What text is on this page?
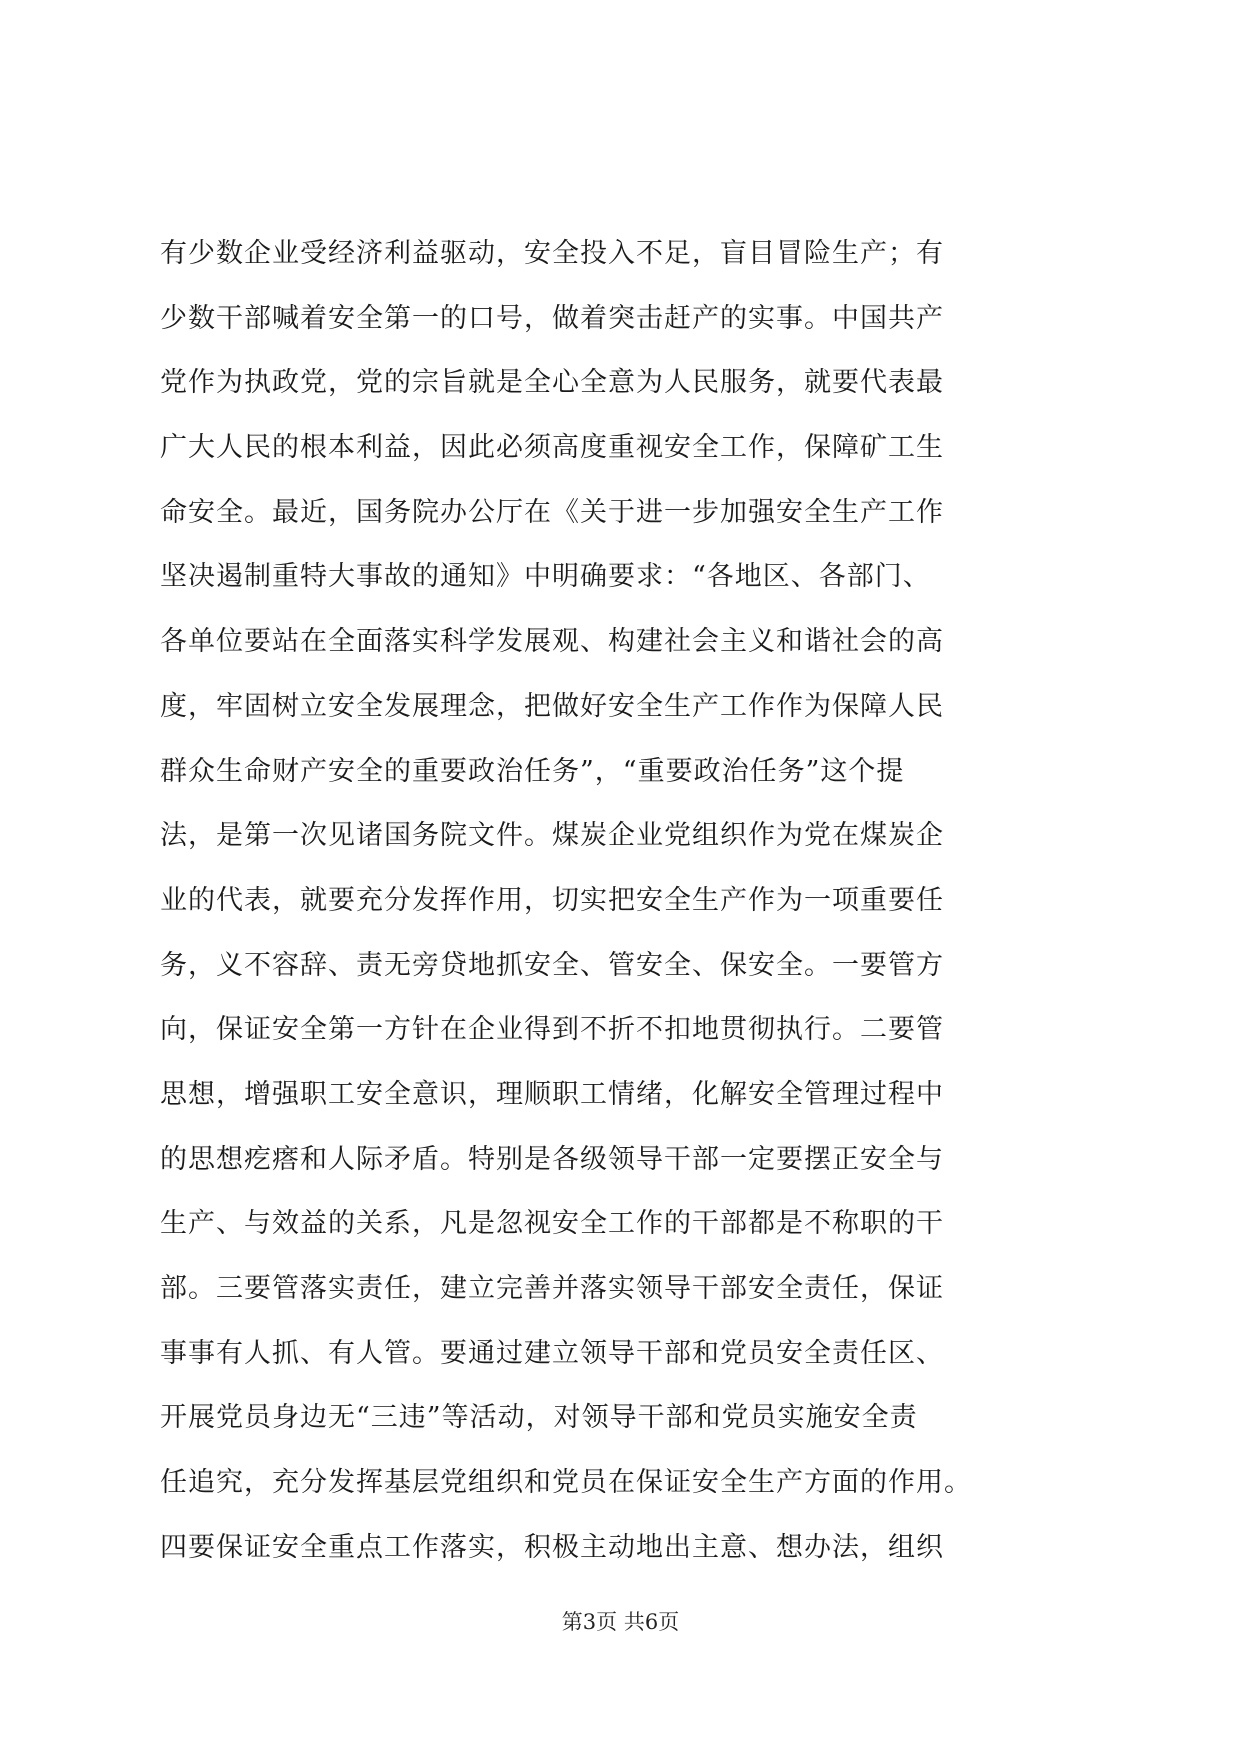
有少数企业受经济利益驱动，安全投入不足，盲目冒险生产；有
少数干部喊着安全第一的口号，做着突击赶产的实事。中国共产
党作为执政党，党的宗旨就是全心全意为人民服务，就要代表最
广大人民的根本利益，因此必须高度重视安全工作，保障矿工生
命安全。最近，国务院办公厅在《关于进一步加强安全生产工作
坚决遏制重特大事故的通知》中明确要求：“各地区、各部门、
各单位要站在全面落实科学发展观、构建社会主义和谐社会的高
度，牢固树立安全发展理念，把做好安全生产工作作为保障人民
群众生命财产安全的重要政治任务”，“重要政治任务”这个提
法，是第一次见诸国务院文件。煤炭企业党组织作为党在煤炭企
业的代表，就要充分发挥作用，切实把安全生产作为一项重要任
务，义不容辞、责无旁贷地抓安全、管安全、保安全。一要管方
向，保证安全第一方针在企业得到不折不扣地贯彻执行。二要管
思想，增强职工安全意识，理顺职工情绪，化解安全管理过程中
的思想疙瘩和人际矛盾。特别是各级领导干部一定要摆正安全与
生产、与效益的关系，凡是忽视安全工作的干部都是不称职的干
部。三要管落实责任，建立完善并落实领导干部安全责任，保证
事事有人抓、有人管。要通过建立领导干部和党员安全责任区、
开展党员身边无“三违”等活动，对领导干部和党员实施安全责
任追究，充分发挥基层党组织和党员在保证安全生产方面的作用。
四要保证安全重点工作落实，积极主动地出主意、想办法，组织
第3页 共6页
